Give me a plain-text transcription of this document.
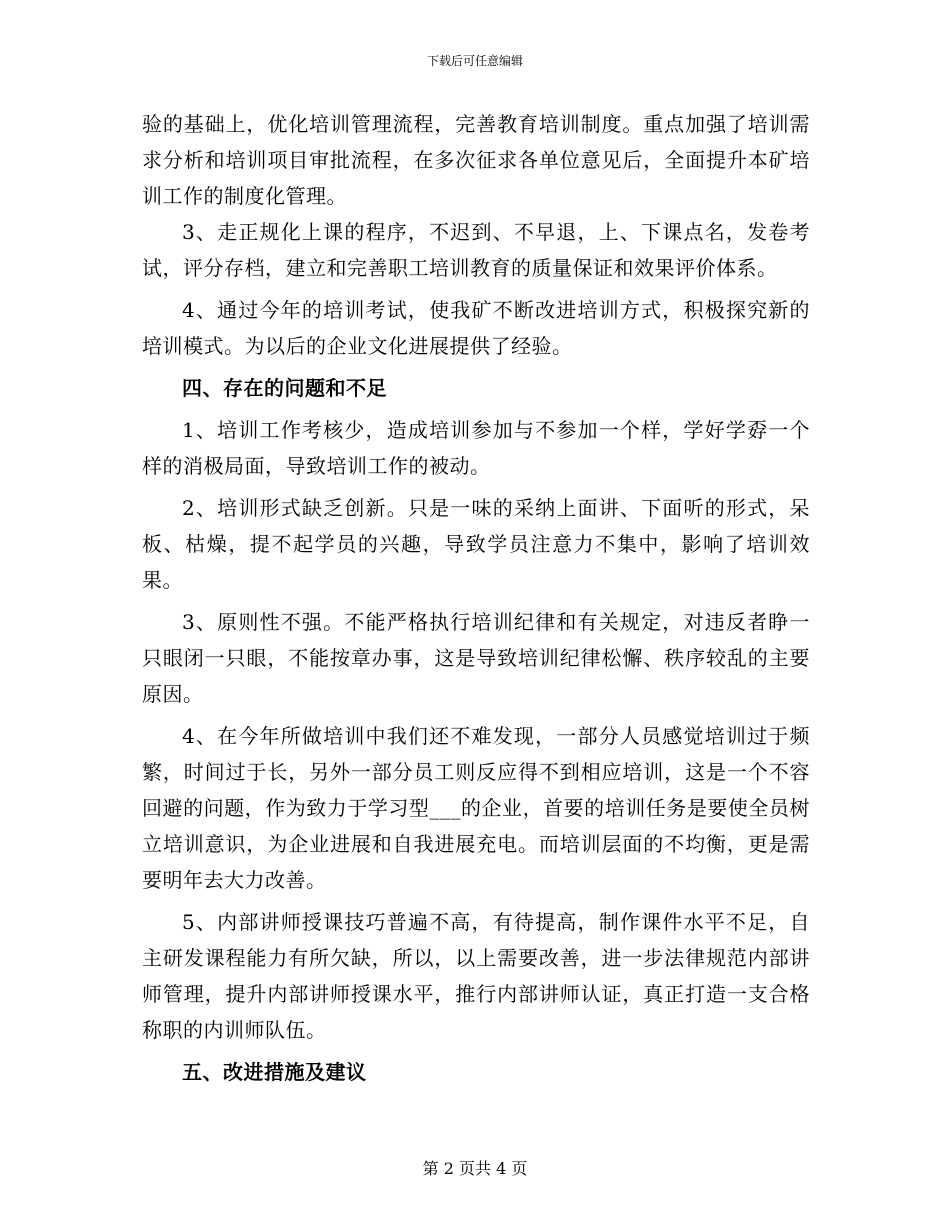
下载后可任意编辑

验的基础上，优化培训管理流程，完善教育培训制度。重点加强了培训需求分析和培训项目审批流程，在多次征求各单位意见后，全面提升本矿培训工作的制度化管理。

3、走正规化上课的程序，不迟到、不早退，上、下课点名，发卷考试，评分存档，建立和完善职工培训教育的质量保证和效果评价体系。

4、通过今年的培训考试，使我矿不断改进培训方式，积极探究新的培训模式。为以后的企业文化进展提供了经验。

四、存在的问题和不足

1、培训工作考核少，造成培训参加与不参加一个样，学好学孬一个样的消极局面，导致培训工作的被动。

2、培训形式缺乏创新。只是一味的采纳上面讲、下面听的形式，呆板、枯燥，提不起学员的兴趣，导致学员注意力不集中，影响了培训效果。

3、原则性不强。不能严格执行培训纪律和有关规定，对违反者睁一只眼闭一只眼，不能按章办事，这是导致培训纪律松懈、秩序较乱的主要原因。

4、在今年所做培训中我们还不难发现，一部分人员感觉培训过于频繁，时间过于长，另外一部分员工则反应得不到相应培训，这是一个不容回避的问题，作为致力于学习型___的企业，首要的培训任务是要使全员树立培训意识，为企业进展和自我进展充电。而培训层面的不均衡，更是需要明年去大力改善。

5、内部讲师授课技巧普遍不高，有待提高，制作课件水平不足，自主研发课程能力有所欠缺，所以，以上需要改善，进一步法律规范内部讲师管理，提升内部讲师授课水平，推行内部讲师认证，真正打造一支合格称职的内训师队伍。

五、改进措施及建议

第 2 页共 4 页
